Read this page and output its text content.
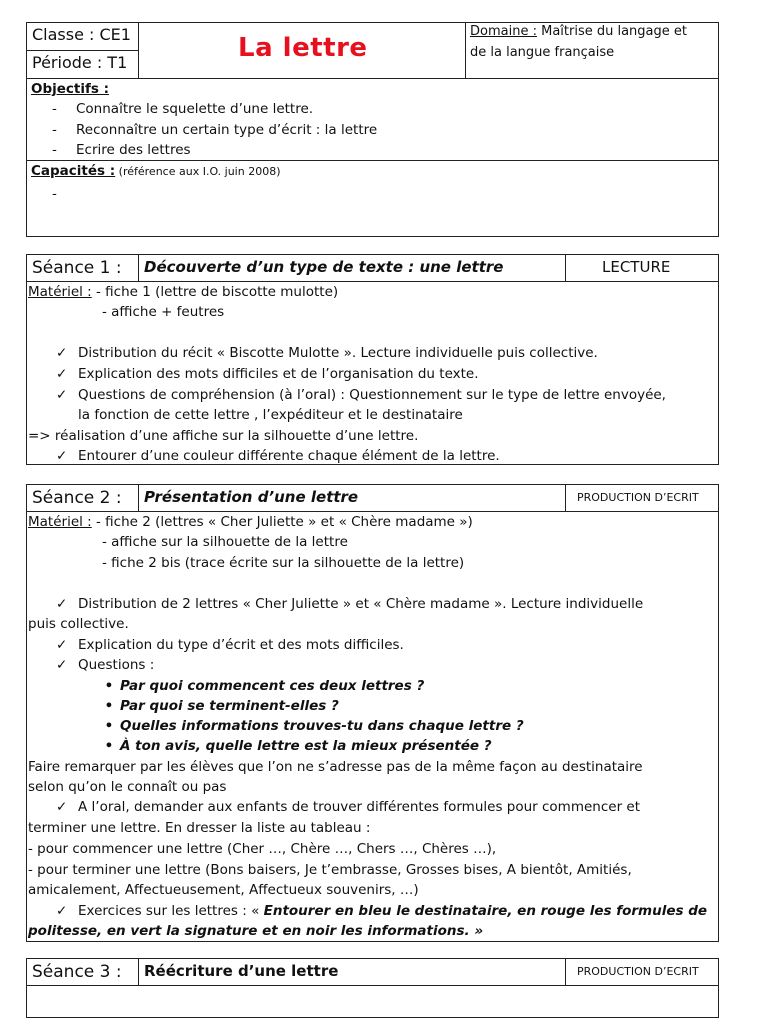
Classe : CE1
Période : T1	La lettre
Domaine : Maîtrise du langage et
de la langue française
Objectifs :
- Connaître le squelette d’une lettre.
- Reconnaître un certain type d’écrit : la lettre
- Ecrire des lettres
Capacités : (référence aux I.O. juin 2008)
-
Séance 1 : Découverte d’un type de texte : une lettre	LECTURE
Matériel : - fiche 1 (lettre de biscotte mulotte)
- affiche + feutres
✓ Distribution du récit « Biscotte Mulotte ». Lecture individuelle puis collective.
✓ Explication des mots difficiles et de l’organisation du texte.
✓ Questions de compréhension (à l’oral) : Questionnement sur le type de lettre envoyée,
la fonction de cette lettre , l’expéditeur et le destinataire
=> réalisation d’une affiche sur la silhouette d’une lettre.
✓ Entourer d’une couleur différente chaque élément de la lettre.
Séance 2 : Présentation d’une lettre	PRODUCTION D’ECRIT
Matériel : - fiche 2 (lettres « Cher Juliette » et « Chère madame »)
- affiche sur la silhouette de la lettre
- fiche 2 bis (trace écrite sur la silhouette de la lettre)
✓ Distribution de 2 lettres « Cher Juliette » et « Chère madame ». Lecture individuelle
puis collective.
✓ Explication du type d’écrit et des mots difficiles.
✓ Questions :
• Par quoi commencent ces deux lettres ?
• Par quoi se terminent-elles ?
• Quelles informations trouves-tu dans chaque lettre ?
• À ton avis, quelle lettre est la mieux présentée ?
Faire remarquer par les élèves que l’on ne s’adresse pas de la même façon au destinataire
selon qu’on le connaît ou pas
✓ A l’oral, demander aux enfants de trouver différentes formules pour commencer et
terminer une lettre. En dresser la liste au tableau :
- pour commencer une lettre (Cher …, Chère …, Chers …, Chères …),
- pour terminer une lettre (Bons baisers, Je t’embrasse, Grosses bises, A bientôt, Amitiés,
amicalement, Affectueusement, Affectueux souvenirs, …)
✓ Exercices sur les lettres : « Entourer en bleu le destinataire, en rouge les formules de
politesse, en vert la signature et en noir les informations. »
Séance 3 : Réécriture d’une lettre	PRODUCTION D’ECRIT
